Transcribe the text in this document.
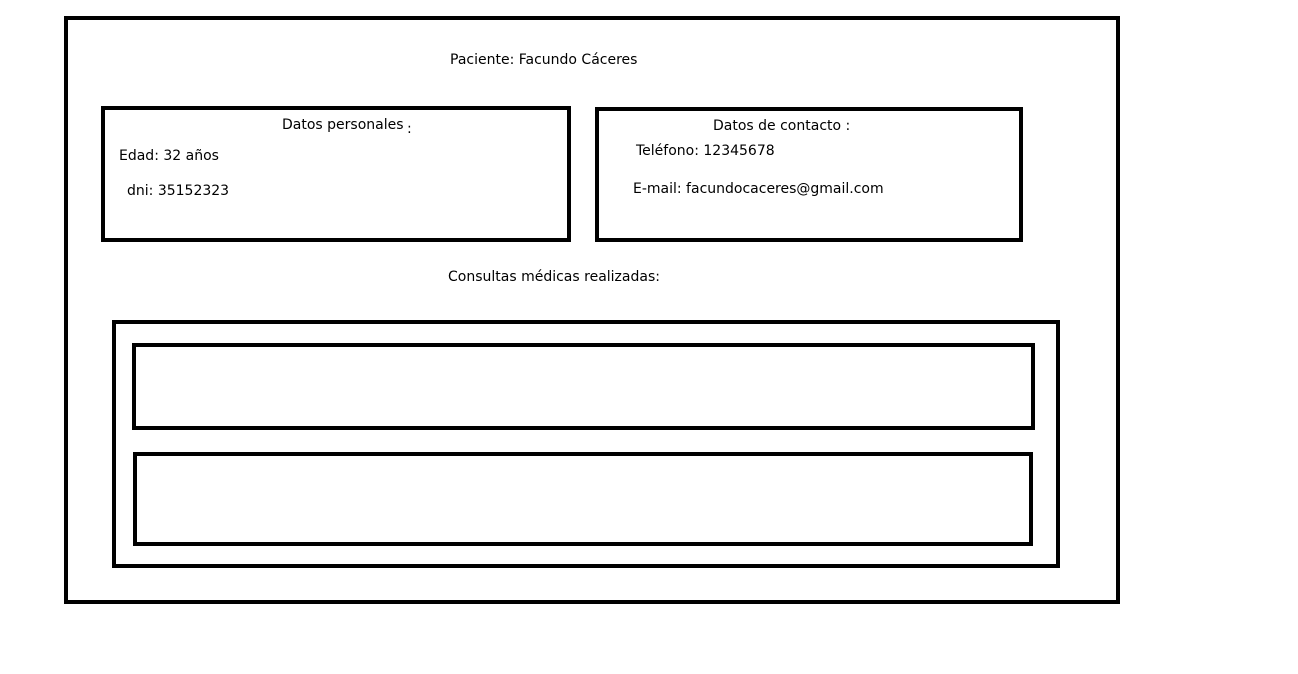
Paciente: Facundo Cáceres
Datos personales :
Edad: 32 años
dni: 35152323
Datos de contacto :
Teléfono: 12345678
E-mail: facundocaceres@gmail.com
Consultas médicas realizadas:
